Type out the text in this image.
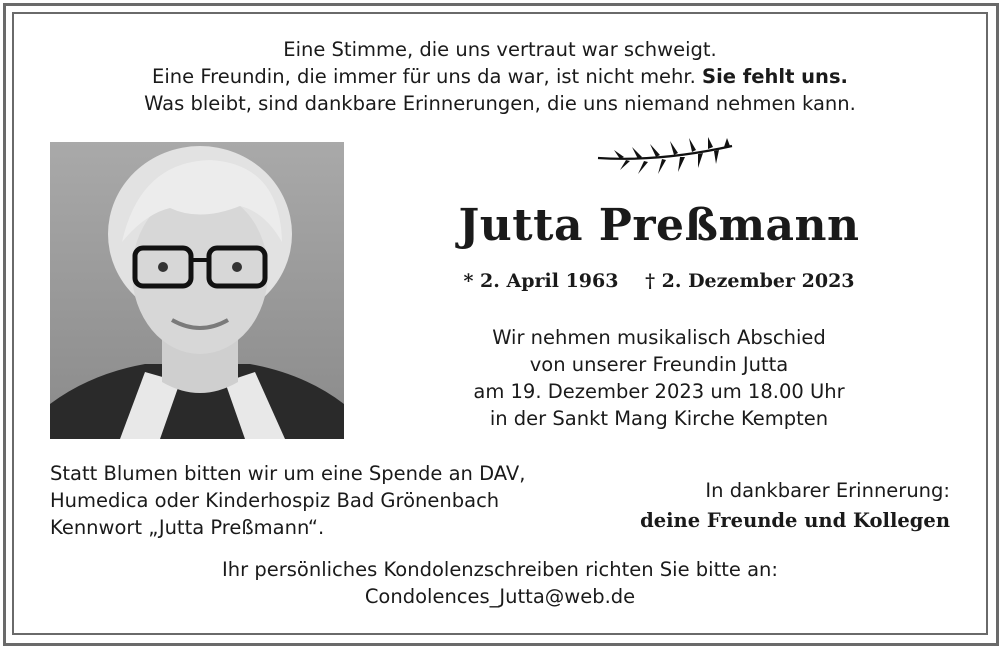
Eine Stimme, die uns vertraut war schweigt.
Eine Freundin, die immer für uns da war, ist nicht mehr. Sie fehlt uns.
Was bleibt, sind dankbare Erinnerungen, die uns niemand nehmen kann.
Jutta Preßmann
* 2. April 1963 † 2. Dezember 2023
Wir nehmen musikalisch Abschied
von unserer Freundin Jutta
am 19. Dezember 2023 um 18.00 Uhr
in der Sankt Mang Kirche Kempten
Statt Blumen bitten wir um eine Spende an DAV,
Humedica oder Kinderhospiz Bad Grönenbach
Kennwort „Jutta Preßmann“.
In dankbarer Erinnerung:
deine Freunde und Kollegen
Ihr persönliches Kondolenzschreiben richten Sie bitte an:
Condolences_Jutta@web.de
